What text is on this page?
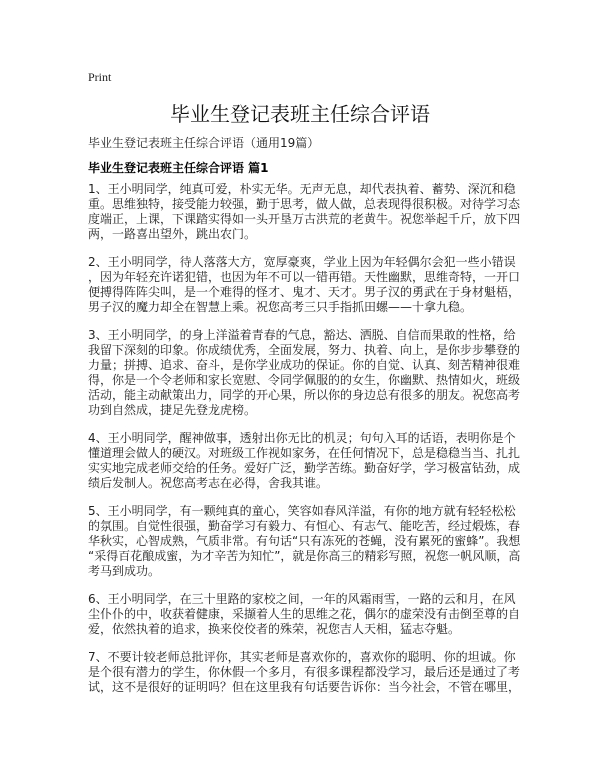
Print
毕业生登记表班主任综合评语
毕业生登记表班主任综合评语（通用19篇）
毕业生登记表班主任综合评语 篇1
1、王小明同学，纯真可爱，朴实无华。无声无息，却代表执着、蓄势、深沉和稳
重。思维独特，接受能力较强，勤于思考，做人做，总表现得很积极。对待学习态
度端正，上课，下课踏实得如一头开垦万古洪荒的老黄牛。祝您举起千斤，放下四
两，一路喜出望外，跳出农门。
2、王小明同学，待人落落大方，宽厚豪爽，学业上因为年轻偶尔会犯一些小错误
，因为年轻充许诺犯错，也因为年不可以一错再错。天性幽默，思维奇特，一开口
便搏得阵阵尖叫，是一个难得的怪才、鬼才、天才。男子汉的勇武在于身材魁梧，
男子汉的魔力却全在智慧上乘。祝您高考三只手指抓田螺——十拿九稳。
3、王小明同学，的身上洋溢着青春的气息，豁达、洒脱、自信而果敢的性格，给
我留下深刻的印象。你成绩优秀，全面发展，努力、执着、向上，是你步步攀登的
力量；拼搏、追求、奋斗，是你学业成功的保证。你的自觉、认真、刻苦精神很难
得，你是一个令老师和家长宽慰、令同学佩服的的女生，你幽默、热情如火，班级
活动，能主动献策出力，同学的开心果，所以你的身边总有很多的朋友。祝您高考
功到自然成，捷足先登龙虎榜。
4、王小明同学，醒神做事，透射出你无比的机灵；句句入耳的话语，表明你是个
懂道理会做人的硬汉。对班级工作视如家务，在任何情况下，总是稳稳当当、扎扎
实实地完成老师交给的任务。爱好广泛，勤学苦练。勤奋好学，学习极富钻劲，成
绩后发制人。祝您高考志在必得，舍我其谁。
5、王小明同学，有一颗纯真的童心，笑容如春风洋溢，有你的地方就有轻轻松松
的氛围。自觉性很强，勤奋学习有毅力、有恒心、有志气、能吃苦，经过煅炼，春
华秋实，心智成熟，气质非常。有句话“只有冻死的苍蝇，没有累死的蜜蜂”。我想
“采得百花酿成蜜，为才辛苦为知忙”，就是你高三的精彩写照，祝您一帆风顺，高
考马到成功。
6、王小明同学，在三十里路的家校之间，一年的风霜雨雪，一路的云和月，在风
尘仆仆的中，收获着健康，采撷着人生的思维之花，偶尔的虚荣没有击倒至尊的自
爱，依然执着的追求，换来佼佼者的殊荣，祝您吉人天相，猛志夺魁。
7、不要计较老师总批评你，其实老师是喜欢你的，喜欢你的聪明、你的坦诚。你
是个很有潜力的学生，你休假一个多月，有很多课程都没学习，最后还是通过了考
试，这不是很好的证明吗？但在这里我有句话要告诉你：当今社会，不管在哪里，
